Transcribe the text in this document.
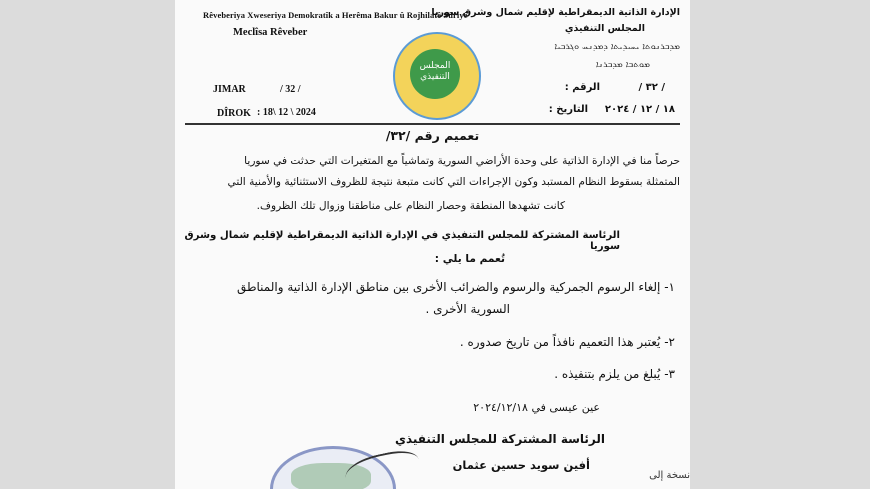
Rêveberiya Xweseriya Demokratîk a Herêma Bakur û Rojhilatê Sûriyê
Meclîsa Rêveber
الإدارة الذاتية الديمقراطية لإقليم شمال وشرق سوريا
المجلس التنفيذي
ܡܕܒܪܢܘܬܐ ܝܚܝܕܝܬܐ ܕܡܕܢܚ ܘܓܪܒܝܐ
ܡܘܬܒܐ ܡܕܒܪܢܐ
JIMAR	/ 32 /
DÎROK : 18\ 12 \ 2024
الرقم :	/ ٣٢ /
التاريخ : ١٨ / ١٢ / ٢٠٢٤
المجلس التنفيذي
تعميم رقم /٣٢/
حرصاً منا في الإدارة الذاتية على وحدة الأراضي السورية وتماشياً مع المتغيرات التي حدثت في سوريا
المتمثلة بسقوط النظام المستبد وكون الإجراءات التي كانت متبعة نتيجة للظروف الاستثنائية والأمنية التي
كانت تشهدها المنطقة وحصار النظام على مناطقنا وزوال تلك الظروف.
الرئاسة المشتركة للمجلس التنفيذي في الإدارة الذاتية الديمقراطية لإقليم شمال وشرق سوريا
تُعمم ما يلي :
١- إلغاء الرسوم الجمركية والرسوم والضرائب الأخرى بين مناطق الإدارة الذاتية والمناطق
السورية الأخرى .
٢- يُعتبر هذا التعميم نافذاً من تاريخ صدوره .
٣- يُبلغ من يلزم بتنفيذه .
عين عيسى في ٢٠٢٤/١٢/١٨
الرئاسة المشتركة للمجلس التنفيذي
أفين سويد حسين عثمان
نسخة إلى
